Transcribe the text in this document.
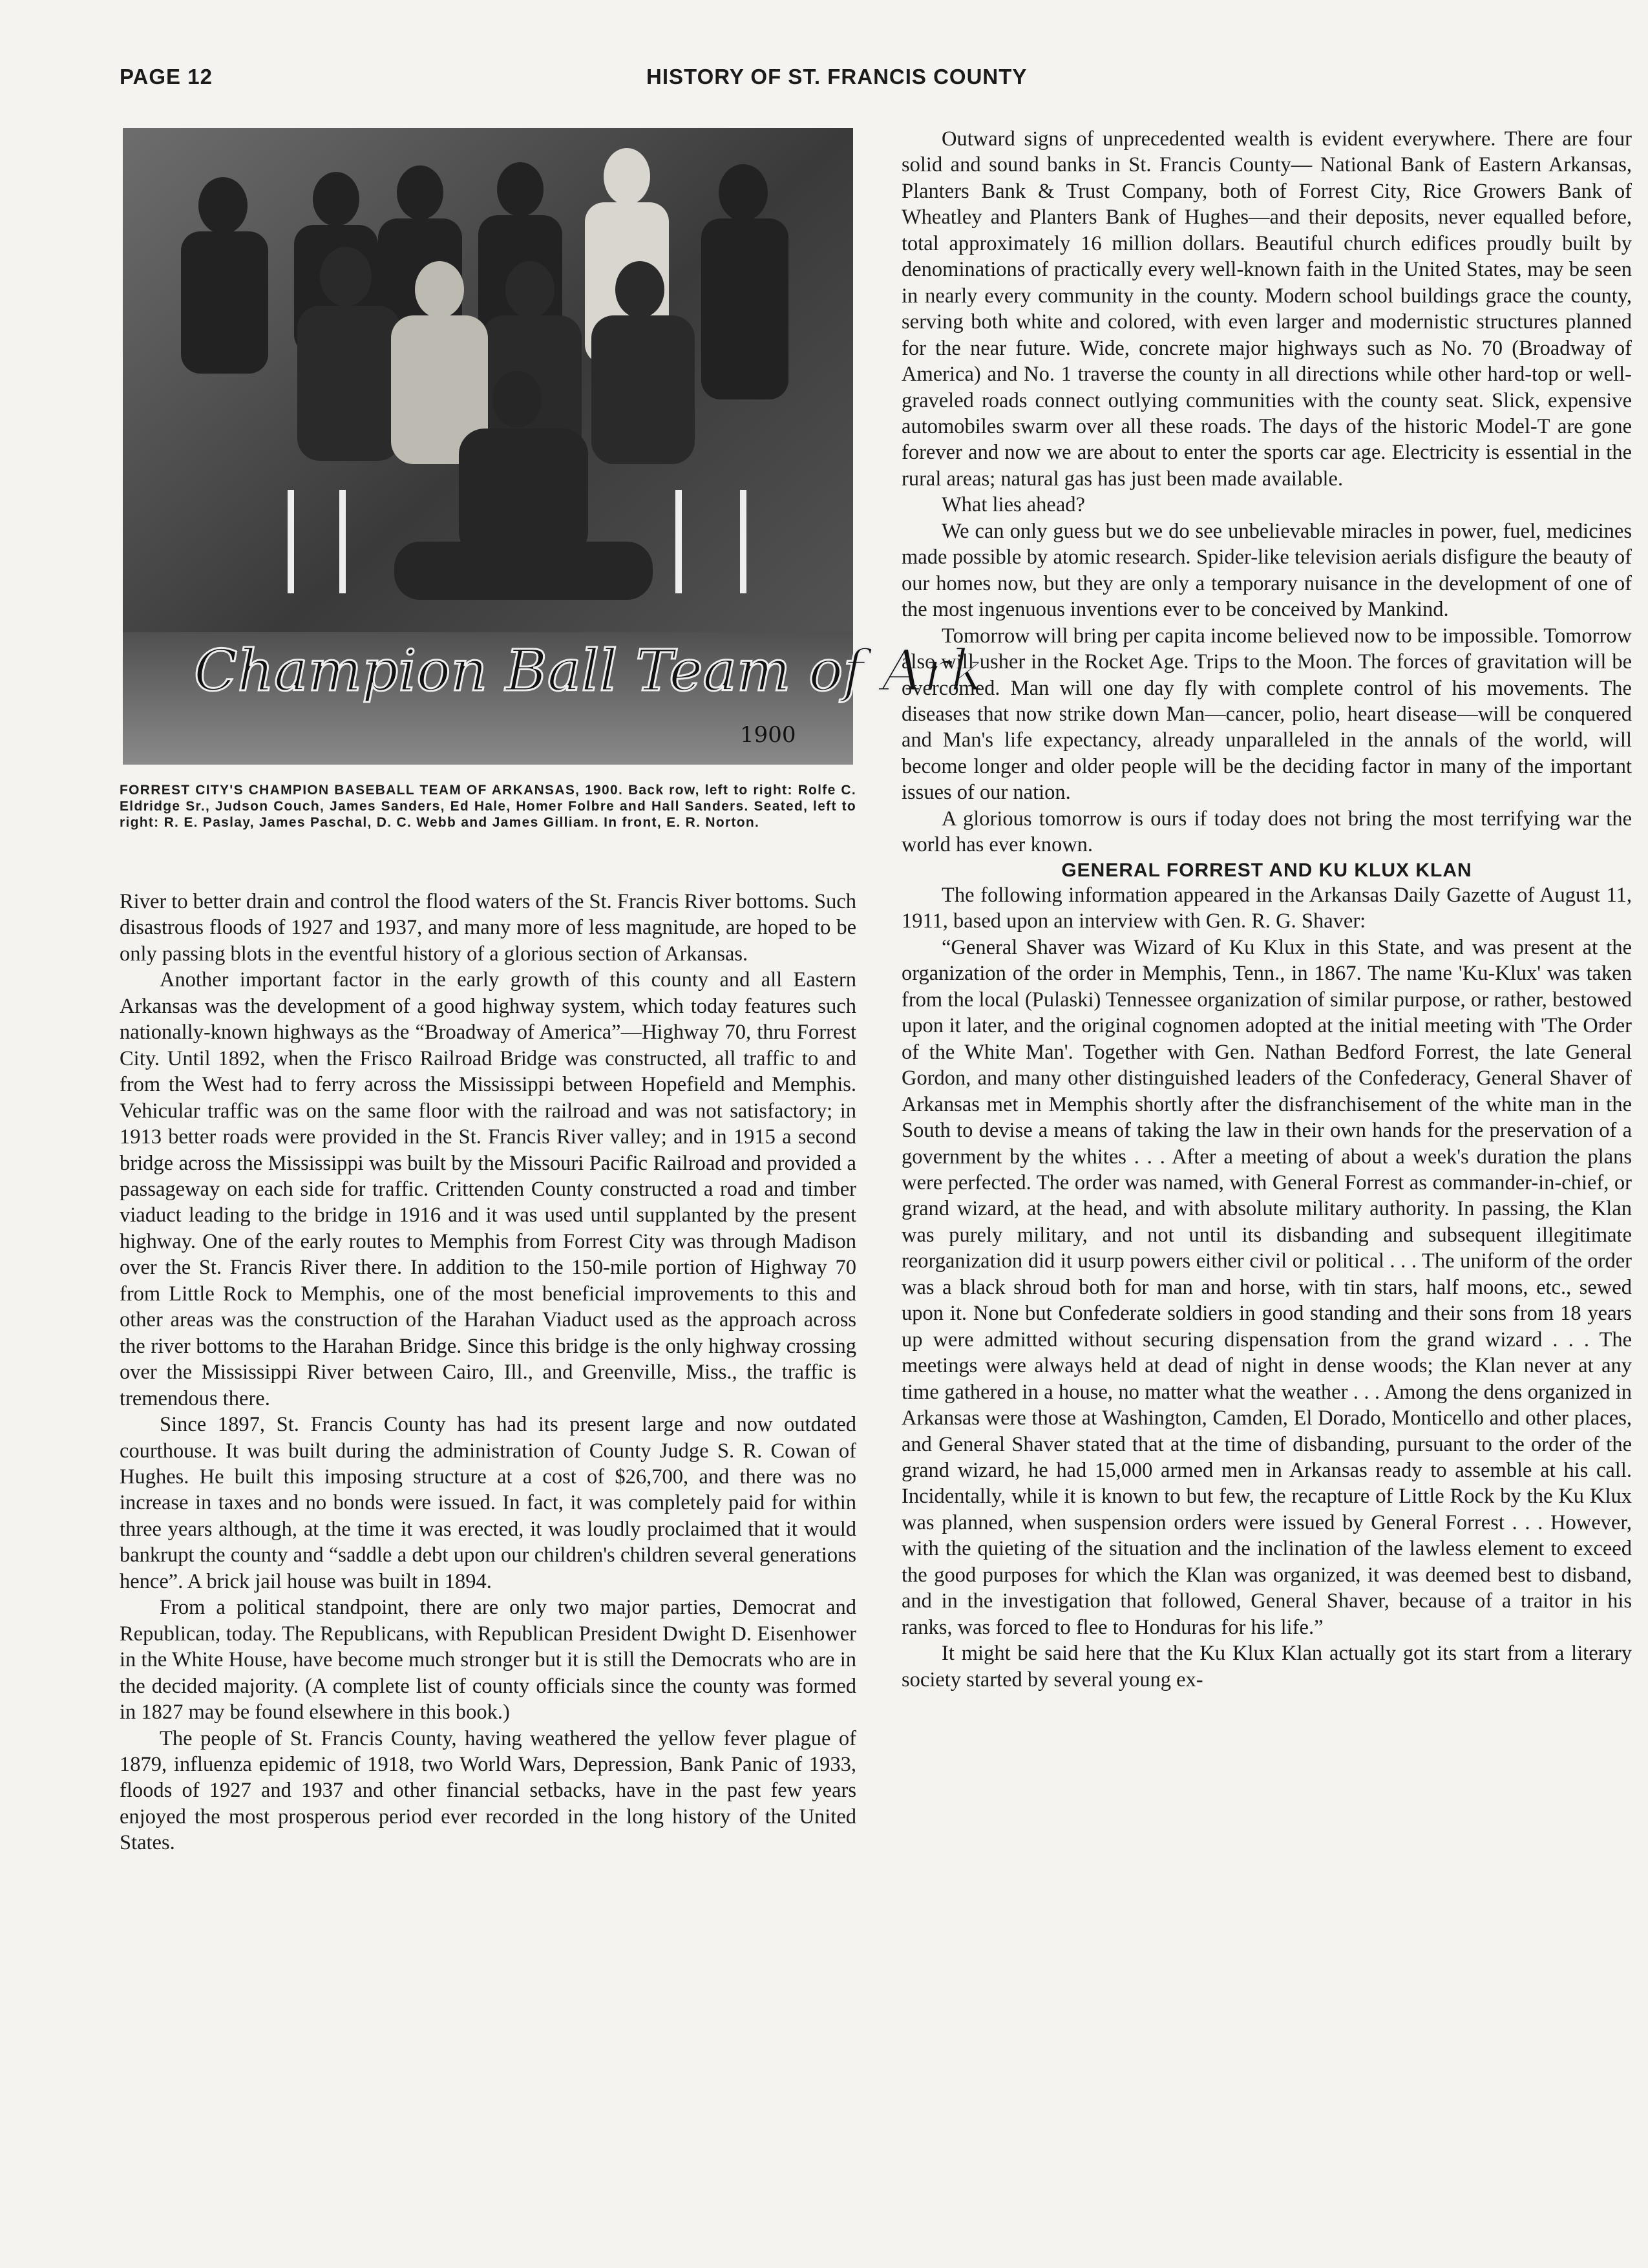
PAGE 12	HISTORY OF ST. FRANCIS COUNTY
Champion Ball Team of Ark
1900
FORREST CITY'S CHAMPION BASEBALL TEAM OF ARKANSAS, 1900. Back row, left to right: Rolfe C. Eldridge Sr., Judson Couch, James Sanders, Ed Hale, Homer Folbre and Hall Sanders. Seated, left to right: R. E. Paslay, James Paschal, D. C. Webb and James Gilliam. In front, E. R. Norton.

River to better drain and control the flood waters of the St. Francis River bottoms. Such disastrous floods of 1927 and 1937, and many more of less magnitude, are hoped to be only passing blots in the eventful history of a glorious section of Arkansas.

Another important factor in the early growth of this county and all Eastern Arkansas was the development of a good highway system, which today features such nationally-known highways as the “Broadway of America”—Highway 70, thru Forrest City. Until 1892, when the Frisco Railroad Bridge was constructed, all traffic to and from the West had to ferry across the Mississippi between Hopefield and Memphis. Vehicular traffic was on the same floor with the railroad and was not satisfactory; in 1913 better roads were provided in the St. Francis River valley; and in 1915 a second bridge across the Mississippi was built by the Missouri Pacific Railroad and provided a passageway on each side for traffic. Crittenden County constructed a road and timber viaduct leading to the bridge in 1916 and it was used until supplanted by the present highway. One of the early routes to Memphis from Forrest City was through Madison over the St. Francis River there. In addition to the 150-mile portion of Highway 70 from Little Rock to Memphis, one of the most beneficial improvements to this and other areas was the construction of the Harahan Viaduct used as the approach across the river bottoms to the Harahan Bridge. Since this bridge is the only highway crossing over the Mississippi River between Cairo, Ill., and Greenville, Miss., the traffic is tremendous there.

Since 1897, St. Francis County has had its present large and now outdated courthouse. It was built during the administration of County Judge S. R. Cowan of Hughes. He built this imposing structure at a cost of $26,700, and there was no increase in taxes and no bonds were issued. In fact, it was completely paid for within three years although, at the time it was erected, it was loudly proclaimed that it would bankrupt the county and “saddle a debt upon our children's children several generations hence”. A brick jail house was built in 1894.

From a political standpoint, there are only two major parties, Democrat and Republican, today. The Republicans, with Republican President Dwight D. Eisenhower in the White House, have become much stronger but it is still the Democrats who are in the decided majority. (A complete list of county officials since the county was formed in 1827 may be found elsewhere in this book.)

The people of St. Francis County, having weathered the yellow fever plague of 1879, influenza epidemic of 1918, two World Wars, Depression, Bank Panic of 1933, floods of 1927 and 1937 and other financial setbacks, have in the past few years enjoyed the most prosperous period ever recorded in the long history of the United States.

Outward signs of unprecedented wealth is evident everywhere. There are four solid and sound banks in St. Francis County— National Bank of Eastern Arkansas, Planters Bank & Trust Company, both of Forrest City, Rice Growers Bank of Wheatley and Planters Bank of Hughes—and their deposits, never equalled before, total approximately 16 million dollars. Beautiful church edifices proudly built by denominations of practically every well-known faith in the United States, may be seen in nearly every community in the county. Modern school buildings grace the county, serving both white and colored, with even larger and modernistic structures planned for the near future. Wide, concrete major highways such as No. 70 (Broadway of America) and No. 1 traverse the county in all directions while other hard-top or well-graveled roads connect outlying communities with the county seat. Slick, expensive automobiles swarm over all these roads. The days of the historic Model-T are gone forever and now we are about to enter the sports car age. Electricity is essential in the rural areas; natural gas has just been made available.

What lies ahead?

We can only guess but we do see unbelievable miracles in power, fuel, medicines made possible by atomic research. Spider-like television aerials disfigure the beauty of our homes now, but they are only a temporary nuisance in the development of one of the most ingenuous inventions ever to be conceived by Mankind.

Tomorrow will bring per capita income believed now to be impossible. Tomorrow also will usher in the Rocket Age. Trips to the Moon. The forces of gravitation will be overcomed. Man will one day fly with complete control of his movements. The diseases that now strike down Man—cancer, polio, heart disease—will be conquered and Man's life expectancy, already unparalleled in the annals of the world, will become longer and older people will be the deciding factor in many of the important issues of our nation.

A glorious tomorrow is ours if today does not bring the most terrifying war the world has ever known.

GENERAL FORREST AND KU KLUX KLAN

The following information appeared in the Arkansas Daily Gazette of August 11, 1911, based upon an interview with Gen. R. G. Shaver:

“General Shaver was Wizard of Ku Klux in this State, and was present at the organization of the order in Memphis, Tenn., in 1867. The name 'Ku-Klux' was taken from the local (Pulaski) Tennessee organization of similar purpose, or rather, bestowed upon it later, and the original cognomen adopted at the initial meeting with 'The Order of the White Man'. Together with Gen. Nathan Bedford Forrest, the late General Gordon, and many other distinguished leaders of the Confederacy, General Shaver of Arkansas met in Memphis shortly after the disfranchisement of the white man in the South to devise a means of taking the law in their own hands for the preservation of a government by the whites . . . After a meeting of about a week's duration the plans were perfected. The order was named, with General Forrest as commander-in-chief, or grand wizard, at the head, and with absolute military authority. In passing, the Klan was purely military, and not until its disbanding and subsequent illegitimate reorganization did it usurp powers either civil or political . . . The uniform of the order was a black shroud both for man and horse, with tin stars, half moons, etc., sewed upon it. None but Confederate soldiers in good standing and their sons from 18 years up were admitted without securing dispensation from the grand wizard . . . The meetings were always held at dead of night in dense woods; the Klan never at any time gathered in a house, no matter what the weather . . . Among the dens organized in Arkansas were those at Washington, Camden, El Dorado, Monticello and other places, and General Shaver stated that at the time of disbanding, pursuant to the order of the grand wizard, he had 15,000 armed men in Arkansas ready to assemble at his call. Incidentally, while it is known to but few, the recapture of Little Rock by the Ku Klux was planned, when suspension orders were issued by General Forrest . . . However, with the quieting of the situation and the inclination of the lawless element to exceed the good purposes for which the Klan was organized, it was deemed best to disband, and in the investigation that followed, General Shaver, because of a traitor in his ranks, was forced to flee to Honduras for his life.”

It might be said here that the Ku Klux Klan actually got its start from a literary society started by several young ex-
